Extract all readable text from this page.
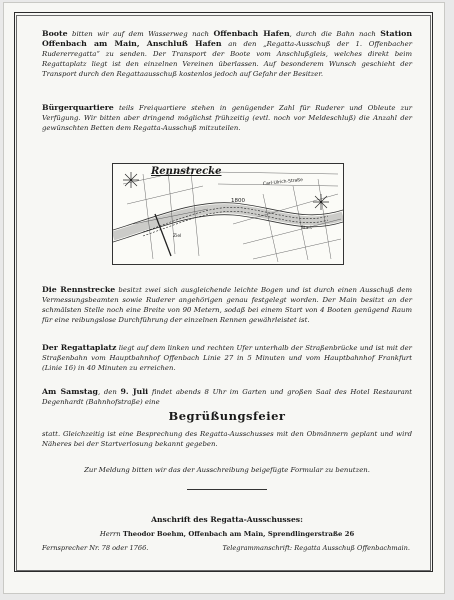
Boote bitten wir auf dem Wasserweg nach Offenbach Hafen, durch die Bahn nach Station Offenbach am Main, Anschluß Hafen an den „Regatta-Ausschuß der 1. Offenbacher Rudererregatta“ zu senden. Der Transport der Boote vom Anschlußgleis, welches direkt beim Regattaplatz liegt ist den einzelnen Vereinen überlassen. Auf besonderem Wunsch geschieht der Transport durch den Regattaausschuß kostenlos jedoch auf Gefahr der Besitzer.
Bürgerquartiere teils Freiquartiere stehen in genügender Zahl für Ruderer und Obleute zur Verfügung. Wir bitten aber dringend möglichst frühzeitig (evtl. noch vor Meldeschluß) die Anzahl der gewünschten Betten dem Regatta-Ausschuß mitzuteilen.
Rennstrecke
1800
Carl-Ulrich-Straße
Ziel
Start
Die Rennstrecke besitzt zwei sich ausgleichende leichte Bogen und ist durch einen Ausschuß dem Vermessungsbeamten sowie Ruderer angehörigen genau festgelegt worden. Der Main besitzt an der schmälsten Stelle noch eine Breite von 90 Metern, sodaß bei einem Start von 4 Booten genügend Raum für eine reibungslose Durchführung der einzelnen Rennen gewährleistet ist.
Der Regattaplatz liegt auf dem linken und rechten Ufer unterhalb der Straßenbrücke und ist mit der Straßenbahn vom Hauptbahnhof Offenbach Linie 27 in 5 Minuten und vom Hauptbahnhof Frankfurt (Linie 16) in 40 Minuten zu erreichen.
Am Samstag, den 9. Juli findet abends 8 Uhr im Garten und großen Saal des Hotel Restaurant Degenhardt (Bahnhofstraße) eine
Begrüßungsfeier
statt. Gleichzeitig ist eine Besprechung des Regatta-Ausschusses mit den Obmännern geplant und wird Näheres bei der Startverlosung bekannt gegeben.
Zur Meldung bitten wir das der Ausschreibung beigefügte Formular zu benutzen.
Anschrift des Regatta-Ausschusses:
Herrn Theodor Boehm, Offenbach am Main, Sprendlingerstraße 26
Fernsprecher Nr. 78 oder 1766.	Telegrammanschrift: Regatta Ausschuß Offenbachmain.
